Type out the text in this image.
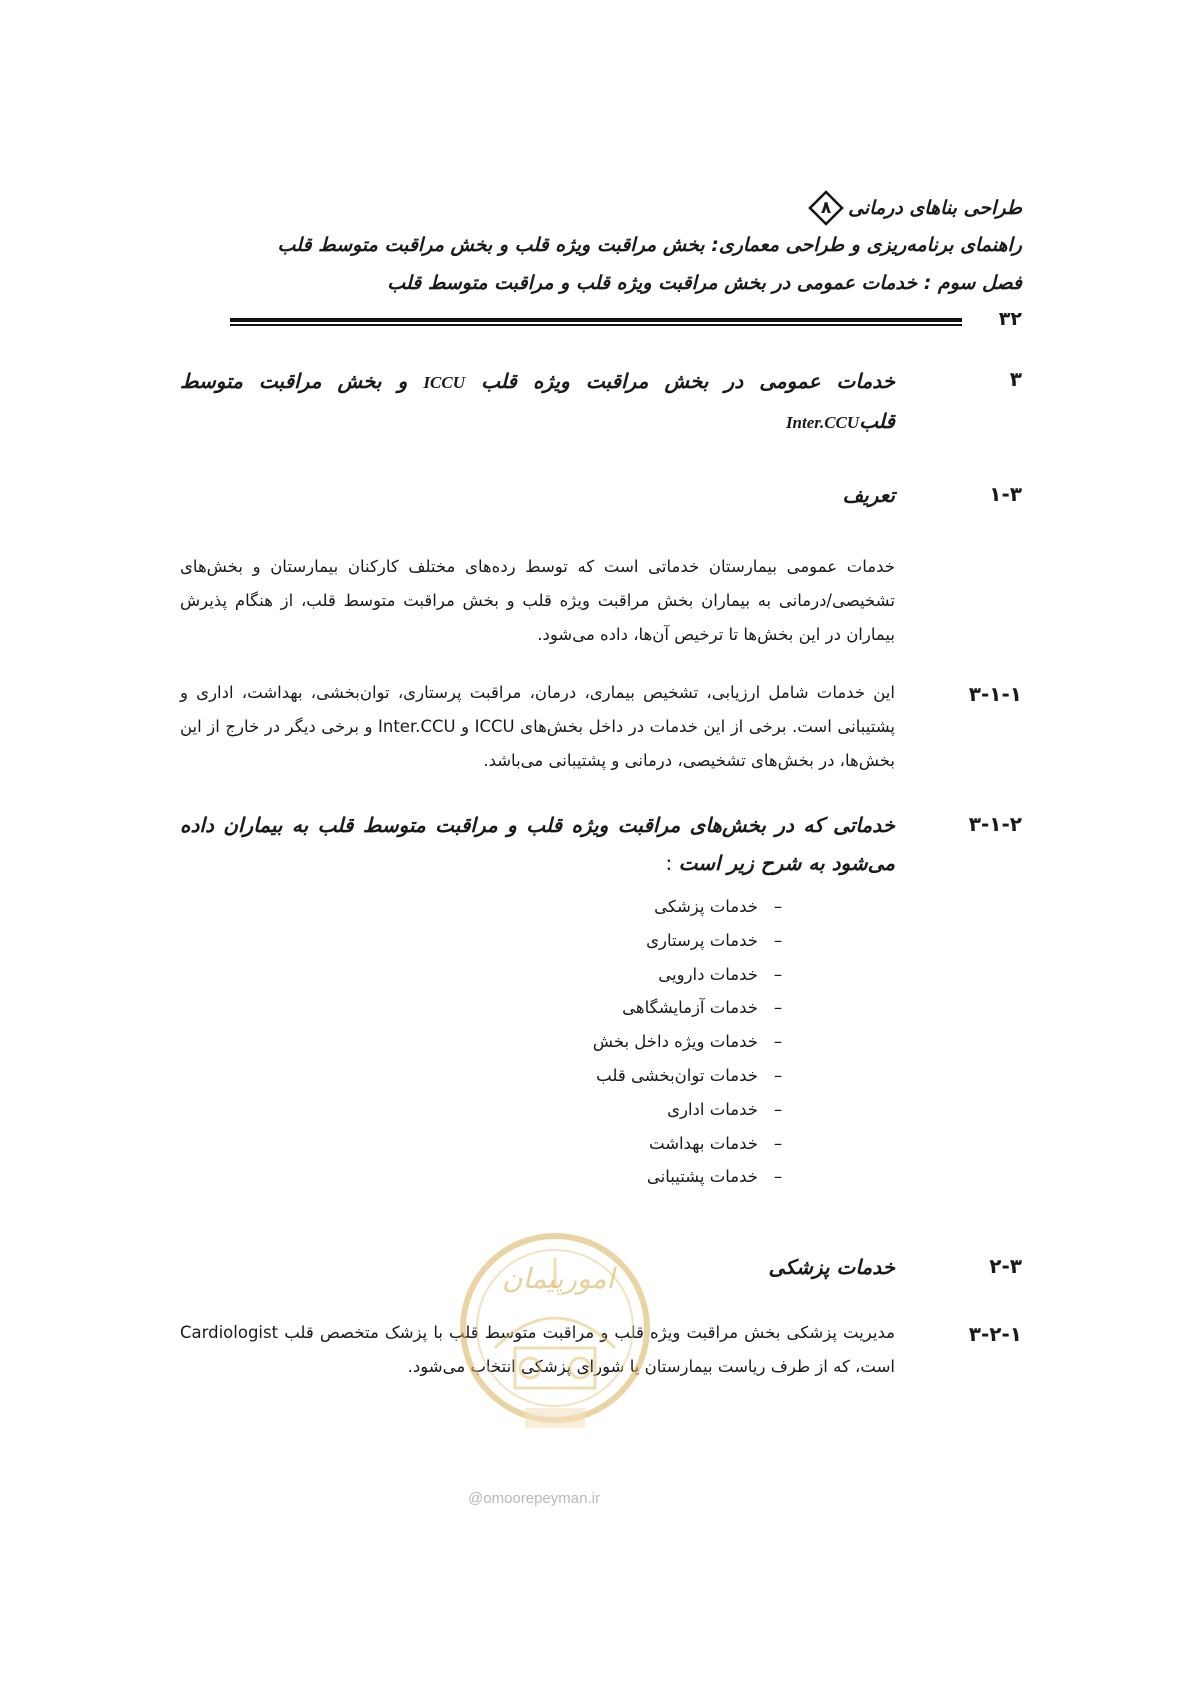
طراحی بناهای درمانی
۸
راهنمای برنامه‌ریزی و طراحی معماری: بخش مراقبت ویژه قلب و بخش مراقبت متوسط قلب
فصل سوم : خدمات عمومی در بخش مراقبت ویژه قلب و مراقبت متوسط قلب
۳۲
۳
خدمات عمومی در بخش مراقبت ویژه قلب ICCU و بخش مراقبت متوسط
قلبInter.CCU
۱-۳
تعریف
خدمات عمومی بیمارستان خدماتی است که توسط رده‌های مختلف کارکنان بیمارستان و بخش‌های تشخیصی/درمانی به بیماران بخش مراقبت ویژه قلب و بخش مراقبت متوسط قلب، از هنگام پذیرش بیماران در این بخش‌ها تا ترخیص آن‌ها، داده می‌شود.
۳-۱-۱
این خدمات شامل ارزیابی، تشخیص بیماری، درمان، مراقبت پرستاری، توان‌بخشی، بهداشت، اداری و پشتیبانی است. برخی از این خدمات در داخل بخش‌های ICCU و Inter.CCU و برخی دیگر در خارج از این بخش‌ها، در بخش‌های تشخیصی، درمانی و پشتیبانی می‌باشد.
۳-۱-۲
خدماتی که در بخش‌های مراقبت ویژه قلب و مراقبت متوسط قلب به بیماران داده می‌شود به شرح زیر است :
–
خدمات پزشکی
–
خدمات پرستاری
–
خدمات دارویی
–
خدمات آزمایشگاهی
–
خدمات ویژه داخل بخش
–
خدمات توان‌بخشی قلب
–
خدمات اداری
–
خدمات بهداشت
–
خدمات پشتیبانی
۲-۳
خدمات پزشکی
۳-۲-۱
مدیریت پزشکی بخش مراقبت ویژه قلب و مراقبت متوسط قلب با پزشک متخصص قلب Cardiologist است، که از طرف ریاست بیمارستان یا شورای پزشکی انتخاب می‌شود.
امورپیمان
@omoorepeyman.ir
